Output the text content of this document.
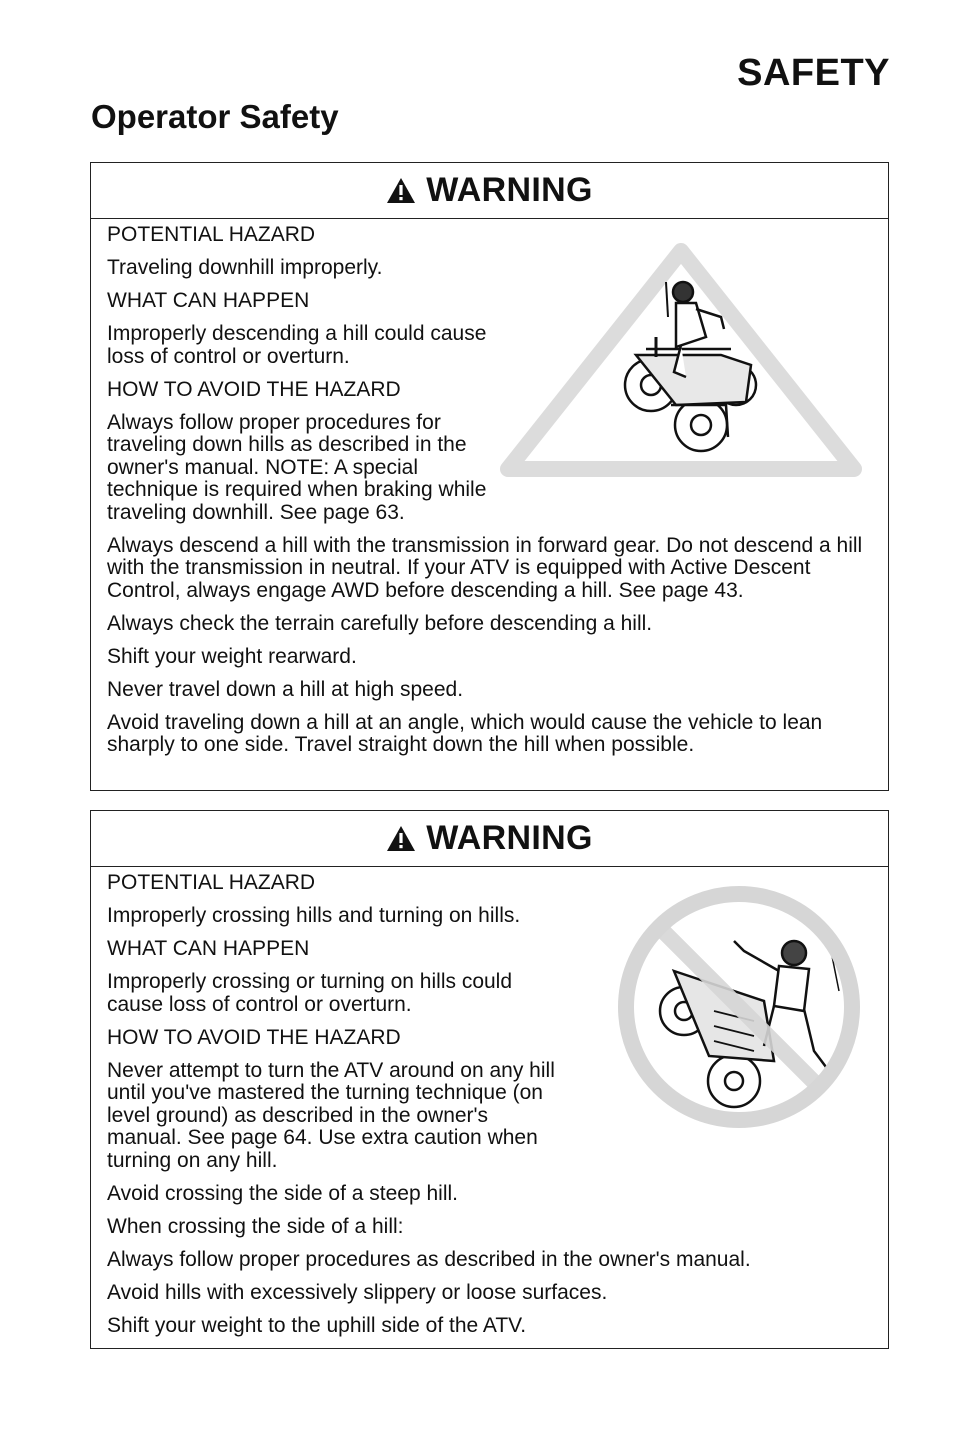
SAFETY
Operator Safety
WARNING

POTENTIAL HAZARD

Traveling downhill improperly.

WHAT CAN HAPPEN

Improperly descending a hill could cause loss of control or overturn.

HOW TO AVOID THE HAZARD

Always follow proper procedures for traveling down hills as described in the owner's manual. NOTE: A special technique is required when braking while traveling downhill. See page 63.

Always descend a hill with the transmission in forward gear. Do not descend a hill with the transmission in neutral. If your ATV is equipped with Active Descent Control, always engage AWD before descending a hill. See page 43.

Always check the terrain carefully before descending a hill.

Shift your weight rearward.

Never travel down a hill at high speed.

Avoid traveling down a hill at an angle, which would cause the vehicle to lean sharply to one side. Travel straight down the hill when possible.

WARNING

POTENTIAL HAZARD

Improperly crossing hills and turning on hills.

WHAT CAN HAPPEN

Improperly crossing or turning on hills could cause loss of control or overturn.

HOW TO AVOID THE HAZARD

Never attempt to turn the ATV around on any hill until you've mastered the turning technique (on level ground) as described in the owner's manual. See page 64. Use extra caution when turning on any hill.

Avoid crossing the side of a steep hill.

When crossing the side of a hill:

Always follow proper procedures as described in the owner's manual.

Avoid hills with excessively slippery or loose surfaces.

Shift your weight to the uphill side of the ATV.
